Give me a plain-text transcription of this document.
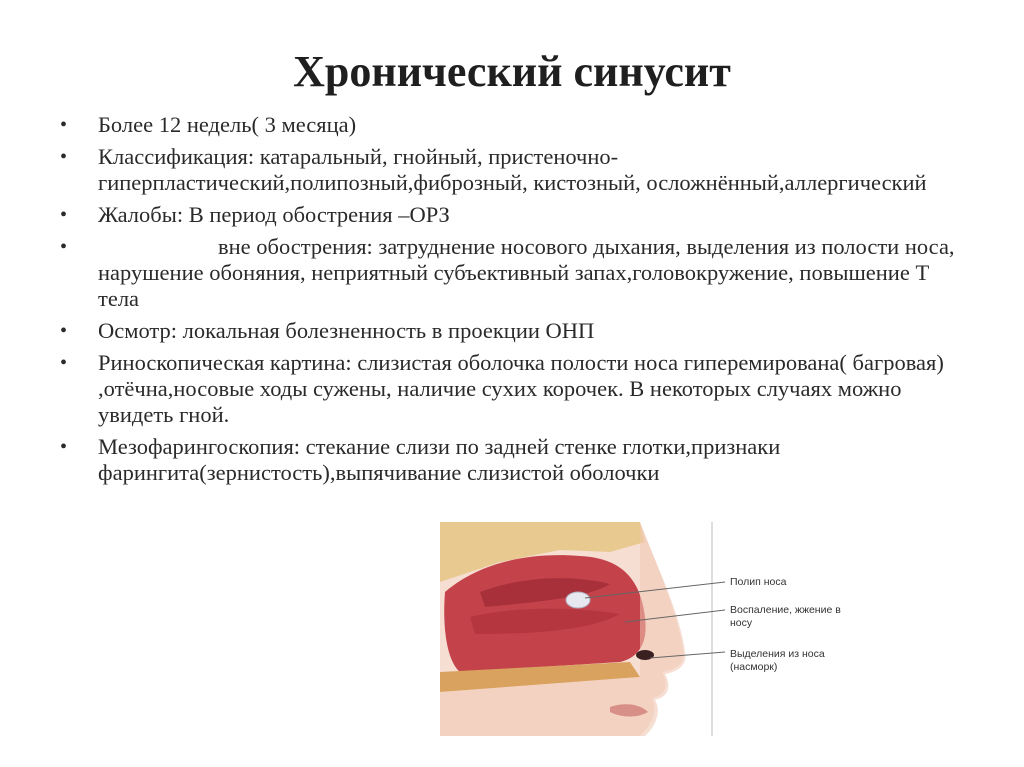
Хронический синусит
• Более 12 недель( 3 месяца)
• Классификация: катаральный, гнойный, пристеночно-гиперпластический,полипозный,фиброзный, кистозный, осложнённый,аллергический
• Жалобы: В период обострения –ОРЗ
•	вне обострения: затруднение носового дыхания, выделения из полости носа, нарушение обоняния, неприятный субъективный запах,головокружение, повышение Т тела
• Осмотр: локальная болезненность в проекции ОНП
• Риноскопическая картина: слизистая оболочка полости носа гиперемирована( багровая) ,отёчна,носовые ходы сужены, наличие сухих корочек. В некоторых случаях можно увидеть гной.
• Мезофарингоскопия: стекание слизи по задней стенке глотки,признаки фарингита(зернистость),выпячивание слизистой оболочки
Полип носа
Воспаление, жжение в носу
Выделения из носа (насморк)
